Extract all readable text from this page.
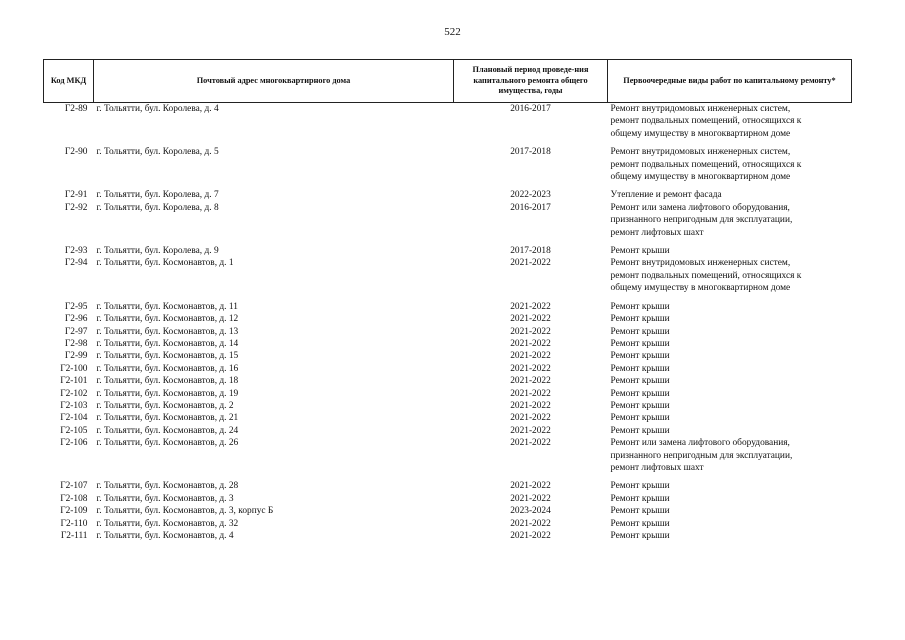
522
Код МКД	Почтовый адрес многоквартирного дома	Плановый период проведе-ния капитального ремонта общего имущества, годы	Первоочередные виды работ по капитальному ремонту*
Г2-89	г. Тольятти, бул. Королева, д. 4	2016-2017	Ремонт внутридомовых инженерных систем,
ремонт подвальных помещений, относящихся к
общему имуществу в многоквартирном доме

Г2-90	г. Тольятти, бул. Королева, д. 5	2017-2018	Ремонт внутридомовых инженерных систем,
ремонт подвальных помещений, относящихся к
общему имуществу в многоквартирном доме

Г2-91	г. Тольятти, бул. Королева, д. 7	2022-2023	Утепление и ремонт фасада

Г2-92	г. Тольятти, бул. Королева, д. 8	2016-2017	Ремонт или замена лифтового оборудования,
признанного непригодным для эксплуатации,
ремонт лифтовых шахт

Г2-93	г. Тольятти, бул. Королева, д. 9	2017-2018	Ремонт крыши

Г2-94	г. Тольятти, бул. Космонавтов, д. 1	2021-2022	Ремонт внутридомовых инженерных систем,
ремонт подвальных помещений, относящихся к
общему имуществу в многоквартирном доме

Г2-95	г. Тольятти, бул. Космонавтов, д. 11	2021-2022	Ремонт крыши

Г2-96	г. Тольятти, бул. Космонавтов, д. 12	2021-2022	Ремонт крыши

Г2-97	г. Тольятти, бул. Космонавтов, д. 13	2021-2022	Ремонт крыши

Г2-98	г. Тольятти, бул. Космонавтов, д. 14	2021-2022	Ремонт крыши

Г2-99	г. Тольятти, бул. Космонавтов, д. 15	2021-2022	Ремонт крыши

Г2-100	г. Тольятти, бул. Космонавтов, д. 16	2021-2022	Ремонт крыши

Г2-101	г. Тольятти, бул. Космонавтов, д. 18	2021-2022	Ремонт крыши

Г2-102	г. Тольятти, бул. Космонавтов, д. 19	2021-2022	Ремонт крыши

Г2-103	г. Тольятти, бул. Космонавтов, д. 2	2021-2022	Ремонт крыши

Г2-104	г. Тольятти, бул. Космонавтов, д. 21	2021-2022	Ремонт крыши

Г2-105	г. Тольятти, бул. Космонавтов, д. 24	2021-2022	Ремонт крыши

Г2-106	г. Тольятти, бул. Космонавтов, д. 26	2021-2022	Ремонт или замена лифтового оборудования,
признанного непригодным для эксплуатации,
ремонт лифтовых шахт

Г2-107	г. Тольятти, бул. Космонавтов, д. 28	2021-2022	Ремонт крыши

Г2-108	г. Тольятти, бул. Космонавтов, д. 3	2021-2022	Ремонт крыши

Г2-109	г. Тольятти, бул. Космонавтов, д. 3, корпус Б	2023-2024	Ремонт крыши

Г2-110	г. Тольятти, бул. Космонавтов, д. 32	2021-2022	Ремонт крыши

Г2-111	г. Тольятти, бул. Космонавтов, д. 4	2021-2022	Ремонт крыши
